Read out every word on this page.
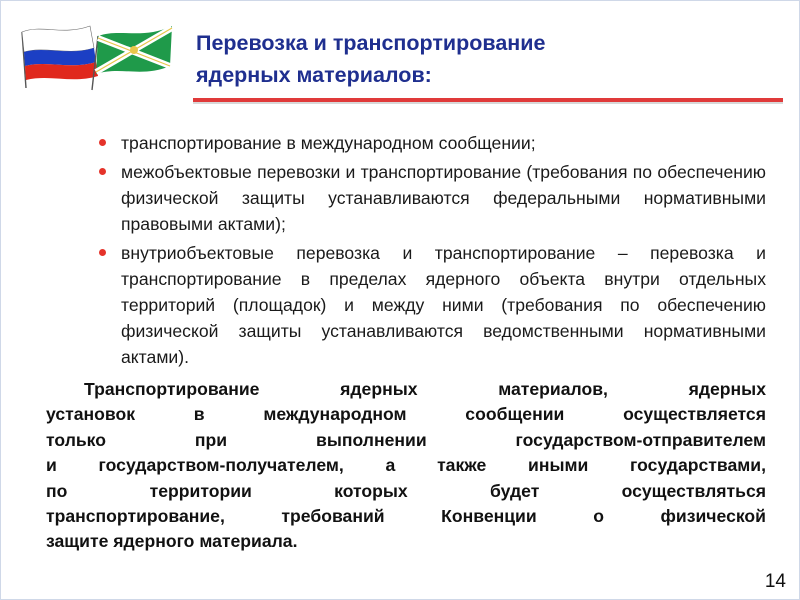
Перевозка и транспортирование
ядерных материалов:
транспортирование в международном сообщении;
межобъектовые перевозки и транспортирование (требования по обеспечению физической защиты устанавливаются федеральными нормативными правовыми актами);
внутриобъектовые перевозка и транспортирование – перевозка и транспортирование в пределах ядерного объекта внутри отдельных территорий (площадок) и между ними (требования по обеспечению физической защиты устанавливаются ведомственными нормативными актами).
Транспортирование ядерных материалов, ядерных
установок в международном сообщении осуществляется
только при выполнении государством-отправителем
и государством-получателем, а также иными государствами,
по территории которых будет осуществляться
транспортирование, требований Конвенции о физической
защите ядерного материала.
14
